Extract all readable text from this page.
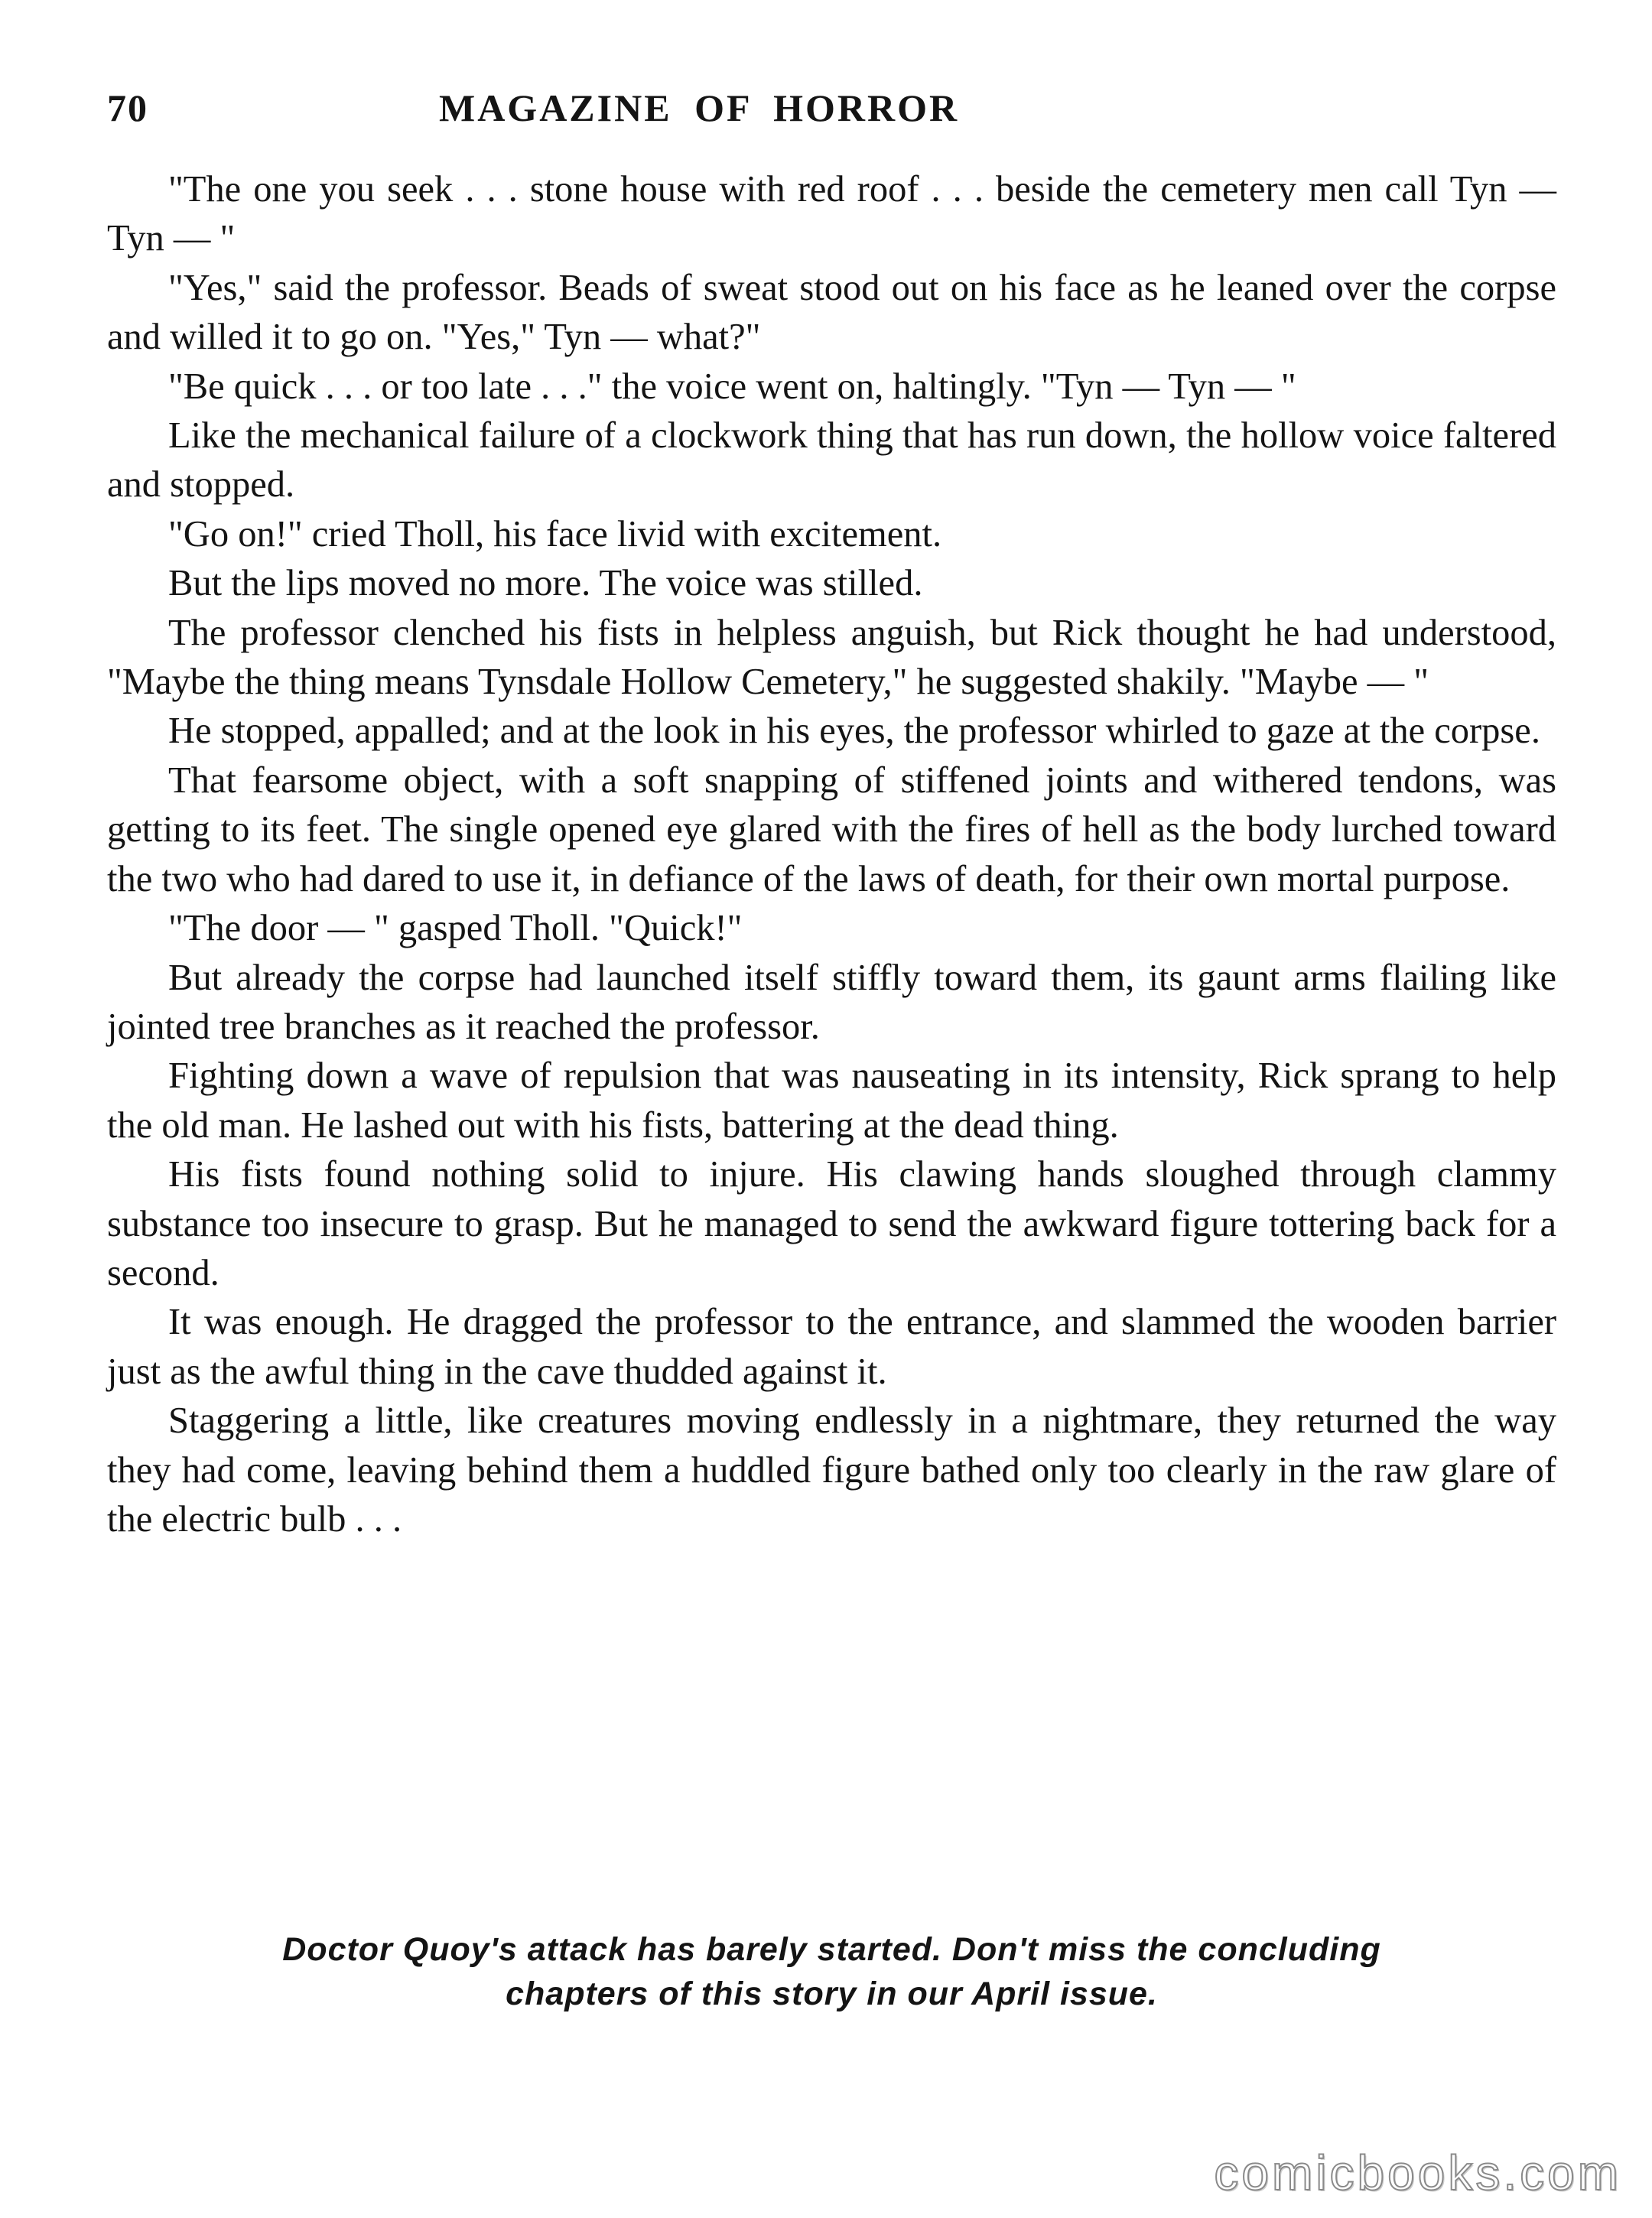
70	MAGAZINE OF HORROR

"The one you seek . . . stone house with red roof . . . beside the cemetery men call Tyn — Tyn — "

"Yes," said the professor. Beads of sweat stood out on his face as he leaned over the corpse and willed it to go on. "Yes," Tyn — what?"

"Be quick . . . or too late . . ." the voice went on, haltingly. "Tyn — Tyn — "

Like the mechanical failure of a clockwork thing that has run down, the hollow voice faltered and stopped.

"Go on!" cried Tholl, his face livid with excitement.

But the lips moved no more. The voice was stilled.

The professor clenched his fists in helpless anguish, but Rick thought he had understood, "Maybe the thing means Tynsdale Hollow Cemetery," he suggested shakily. "Maybe — "

He stopped, appalled; and at the look in his eyes, the professor whirled to gaze at the corpse.

That fearsome object, with a soft snapping of stiffened joints and withered tendons, was getting to its feet. The single opened eye glared with the fires of hell as the body lurched toward the two who had dared to use it, in defiance of the laws of death, for their own mortal purpose.

"The door — " gasped Tholl. "Quick!"

But already the corpse had launched itself stiffly toward them, its gaunt arms flailing like jointed tree branches as it reached the professor.

Fighting down a wave of repulsion that was nauseating in its intensity, Rick sprang to help the old man. He lashed out with his fists, battering at the dead thing.

His fists found nothing solid to injure. His clawing hands sloughed through clammy substance too insecure to grasp. But he managed to send the awkward figure tottering back for a second.

It was enough. He dragged the professor to the entrance, and slammed the wooden barrier just as the awful thing in the cave thudded against it.

Staggering a little, like creatures moving endlessly in a nightmare, they returned the way they had come, leaving behind them a huddled figure bathed only too clearly in the raw glare of the electric bulb . . .

Doctor Quoy's attack has barely started. Don't miss the concluding
chapters of this story in our April issue.
comicbooks.com
